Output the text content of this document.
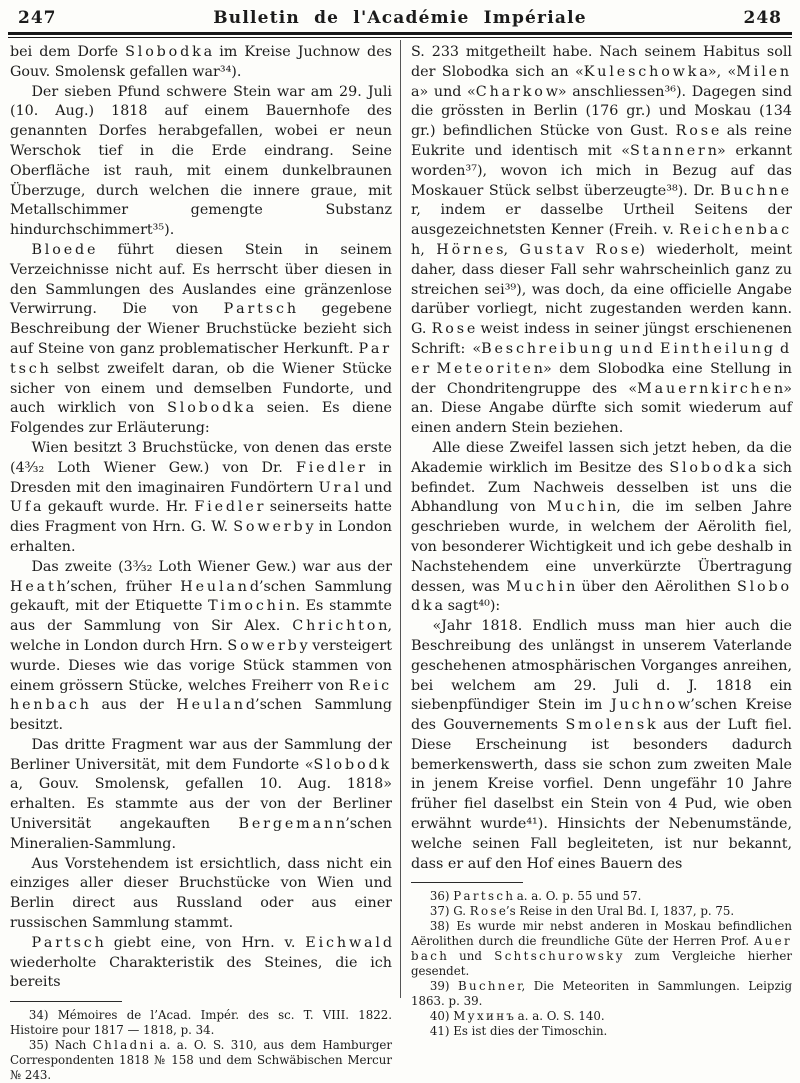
247	Bulletin de l'Académie Impériale	248

bei dem Dorfe S l o b o d k a im Kreise Juchnow des Gouv. Smolensk gefallen war³⁴).

Der sieben Pfund schwere Stein war am 29. Juli (10. Aug.) 1818 auf einem Bauernhofe des genannten Dorfes herabgefallen, wobei er neun Werschok tief in die Erde eindrang. Seine Oberfläche ist rauh, mit einem dunkelbraunen Überzuge, durch welchen die innere graue, mit Metallschimmer gemengte Substanz hindurchschimmert³⁵).

B l o e d e führt diesen Stein in seinem Verzeichnisse nicht auf. Es herrscht über diesen in den Sammlungen des Auslandes eine gränzenlose Verwirrung. Die von P a r t s c h gegebene Beschreibung der Wiener Bruchstücke bezieht sich auf Steine von ganz problematischer Herkunft. P a r t s c h selbst zweifelt daran, ob die Wiener Stücke sicher von einem und demselben Fundorte, und auch wirklich von S l o b o d k a seien. Es diene Folgendes zur Erläuterung:

Wien besitzt 3 Bruchstücke, von denen das erste (4³⁄₃₂ Loth Wiener Gew.) von Dr. F i e d l e r in Dresden mit den imaginairen Fundörtern U r a l und U f a gekauft wurde. Hr. F i e d l e r seinerseits hatte dies Fragment von Hrn. G. W. S o w e r b y in London erhalten.

Das zweite (3³⁄₃₂ Loth Wiener Gew.) war aus der H e a t h’schen, früher H e u l a n d’schen Sammlung gekauft, mit der Etiquette T i m o c h i n. Es stammte aus der Sammlung von Sir Alex. C h r i c h t o n, welche in London durch Hrn. S o w e r b y versteigert wurde. Dieses wie das vorige Stück stammen von einem grössern Stücke, welches Freiherr von R e i c h e n b a c h aus der H e u l a n d’schen Sammlung besitzt.

Das dritte Fragment war aus der Sammlung der Berliner Universität, mit dem Fundorte «S l o b o d k a, Gouv. Smolensk, gefallen 10. Aug. 1818» erhalten. Es stammte aus der von der Berliner Universität angekauften B e r g e m a n n’schen Mineralien-Sammlung.

Aus Vorstehendem ist ersichtlich, dass nicht ein einziges aller dieser Bruchstücke von Wien und Berlin direct aus Russland oder aus einer russischen Sammlung stammt.

P a r t s c h giebt eine, von Hrn. v. E i c h w a l d wiederholte Charakteristik des Steines, die ich bereits

34) Mémoires de l’Acad. Impér. des sc. T. VIII. 1822. Histoire pour 1817 — 1818, p. 34.

35) Nach C h l a d n i a. a. O. S. 310, aus dem Hamburger Correspondenten 1818 № 158 und dem Schwäbischen Mercur № 243.

S. 233 mitgetheilt habe. Nach seinem Habitus soll der Slobodka sich an «K u l e s c h o w k a», «M i l e n a» und «C h a r k o w» anschliessen³⁶). Dagegen sind die grössten in Berlin (176 gr.) und Moskau (134 gr.) befindlichen Stücke von Gust. R o s e als reine Eukrite und identisch mit «S t a n n e r n» erkannt worden³⁷), wovon ich mich in Bezug auf das Moskauer Stück selbst überzeugte³⁸). Dr. B u c h n e r, indem er dasselbe Urtheil Seitens der ausgezeichnetsten Kenner (Freih. v. R e i c h e n b a c h, H ö r n e s, G u s t a v R o s e) wiederholt, meint daher, dass dieser Fall sehr wahrscheinlich ganz zu streichen sei³⁹), was doch, da eine officielle Angabe darüber vorliegt, nicht zugestanden werden kann. G. R o s e weist indess in seiner jüngst erschienenen Schrift: «B e s c h r e i b u n g u n d E i n t h e i l u n g d e r M e t e o r i t e n» dem Slobodka eine Stellung in der Chondritengruppe des «M a u e r n k i r c h e n» an. Diese Angabe dürfte sich somit wiederum auf einen andern Stein beziehen.

Alle diese Zweifel lassen sich jetzt heben, da die Akademie wirklich im Besitze des S l o b o d k a sich befindet. Zum Nachweis desselben ist uns die Abhandlung von M u c h i n, die im selben Jahre geschrieben wurde, in welchem der Aërolith fiel, von besonderer Wichtigkeit und ich gebe deshalb in Nachstehendem eine unverkürzte Übertragung dessen, was M u c h i n über den Aërolithen S l o b o d k a sagt⁴⁰):

«Jahr 1818. Endlich muss man hier auch die Beschreibung des unlängst in unserem Vaterlande geschehenen atmosphärischen Vorganges anreihen, bei welchem am 29. Juli d. J. 1818 ein siebenpfündiger Stein im J u c h n o w’schen Kreise des Gouvernements S m o l e n s k aus der Luft fiel. Diese Erscheinung ist besonders dadurch bemerkenswerth, dass sie schon zum zweiten Male in jenem Kreise vorfiel. Denn ungefähr 10 Jahre früher fiel daselbst ein Stein von 4 Pud, wie oben erwähnt wurde⁴¹). Hinsichts der Nebenumstände, welche seinen Fall begleiteten, ist nur bekannt, dass er auf den Hof eines Bauern des

36) P a r t s c h a. a. O. p. 55 und 57.

37) G. R o s e’s Reise in den Ural Bd. I, 1837, p. 75.

38) Es wurde mir nebst anderen in Moskau befindlichen Aërolithen durch die freundliche Güte der Herren Prof. A u e r b a c h und S c h t s c h u r o w s k y zum Vergleiche hierher gesendet.

39) B u c h n e r, Die Meteoriten in Sammlungen. Leipzig 1863. p. 39.

40) М у х и н ъ a. a. O. S. 140.

41) Es ist dies der Timoschin.
